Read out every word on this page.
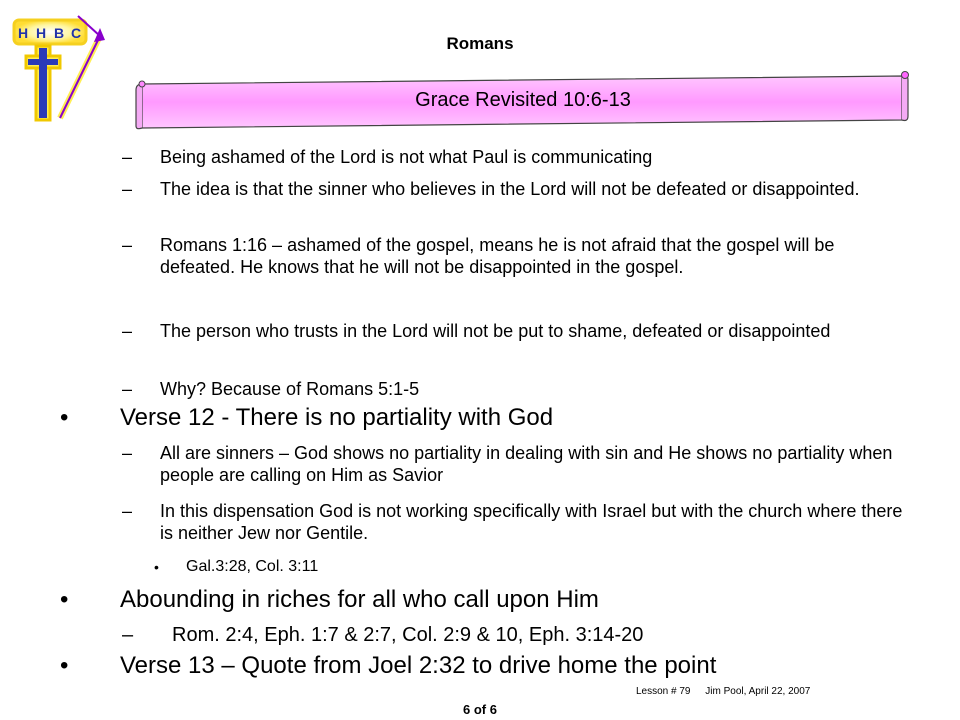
H H B C
Romans
Grace Revisited 10:6-13
– Being ashamed of the Lord is not what Paul is communicating
– The idea is that the sinner who believes in the Lord will not be defeated or disappointed.
– Romans 1:16 – ashamed of the gospel, means he is not afraid that the gospel will be defeated. He knows that he will not be disappointed in the gospel.
– The person who trusts in the Lord will not be put to shame, defeated or disappointed
– Why? Because of Romans 5:1-5
• Verse 12 - There is no partiality with God
– All are sinners – God shows no partiality in dealing with sin and He shows no partiality when people are calling on Him as Savior
– In this dispensation God is not working specifically with Israel but with the church where there is neither Jew nor Gentile.
• Gal.3:28, Col. 3:11
• Abounding in riches for all who call upon Him
– Rom. 2:4, Eph. 1:7 & 2:7, Col. 2:9 & 10, Eph. 3:14-20
• Verse 13 – Quote from Joel 2:32 to drive home the point
Lesson # 79 Jim Pool, April 22, 2007
6 of 6
